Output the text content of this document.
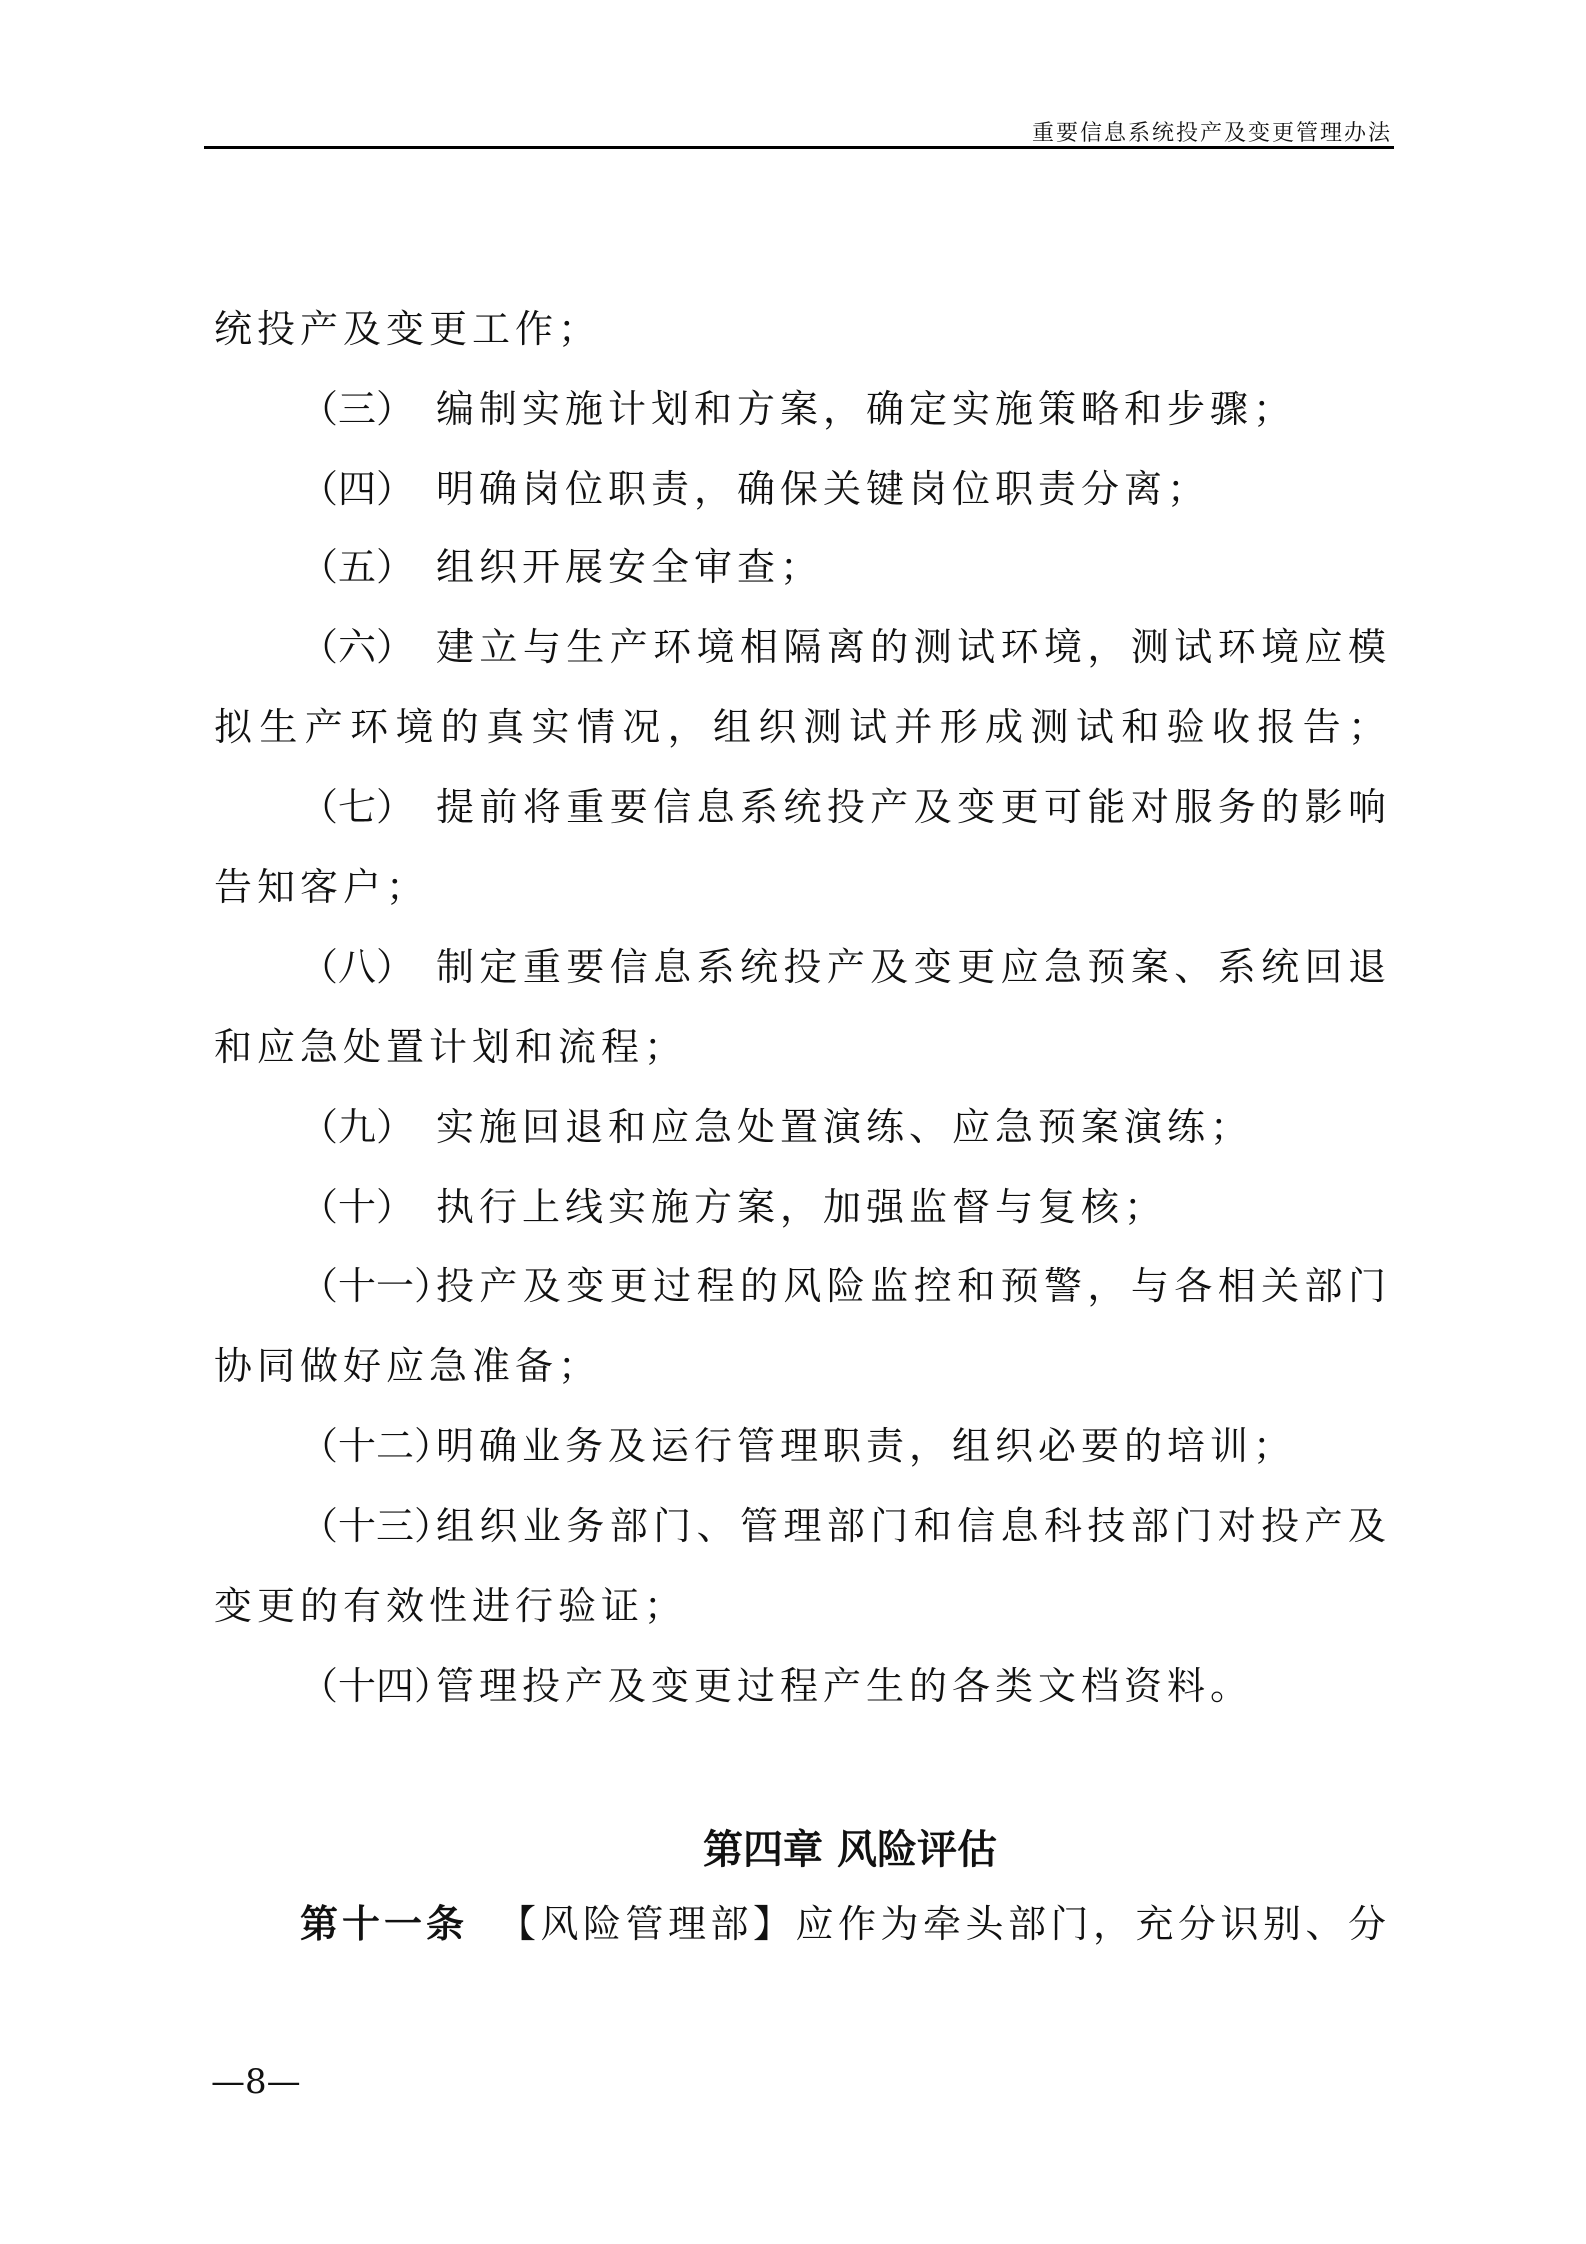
重要信息系统投产及变更管理办法
统投产及变更工作；
（三） 编制实施计划和方案，确定实施策略和步骤；
（四） 明确岗位职责，确保关键岗位职责分离；
（五） 组织开展安全审查；
（六） 建立与生产环境相隔离的测试环境，测试环境应模
拟生产环境的真实情况，组织测试并形成测试和验收报告；
（七） 提前将重要信息系统投产及变更可能对服务的影响
告知客户；
（八） 制定重要信息系统投产及变更应急预案、系统回退
和应急处置计划和流程；
（九） 实施回退和应急处置演练、应急预案演练；
（十） 执行上线实施方案，加强监督与复核；
（十一）
投产及变更过程的风险监控和预警，与各相关部门
协同做好应急准备；
（十二）明确业务及运行管理职责，组织必要的培训；
（十三）
组织业务部门、管理部门和信息科技部门对投产及
变更的有效性进行验证；
（十四）管理投产及变更过程产生的各类文档资料。
第四章 风险评估
第十一条 【风险管理部】应作为牵头部门，充分识别、分
—8—
